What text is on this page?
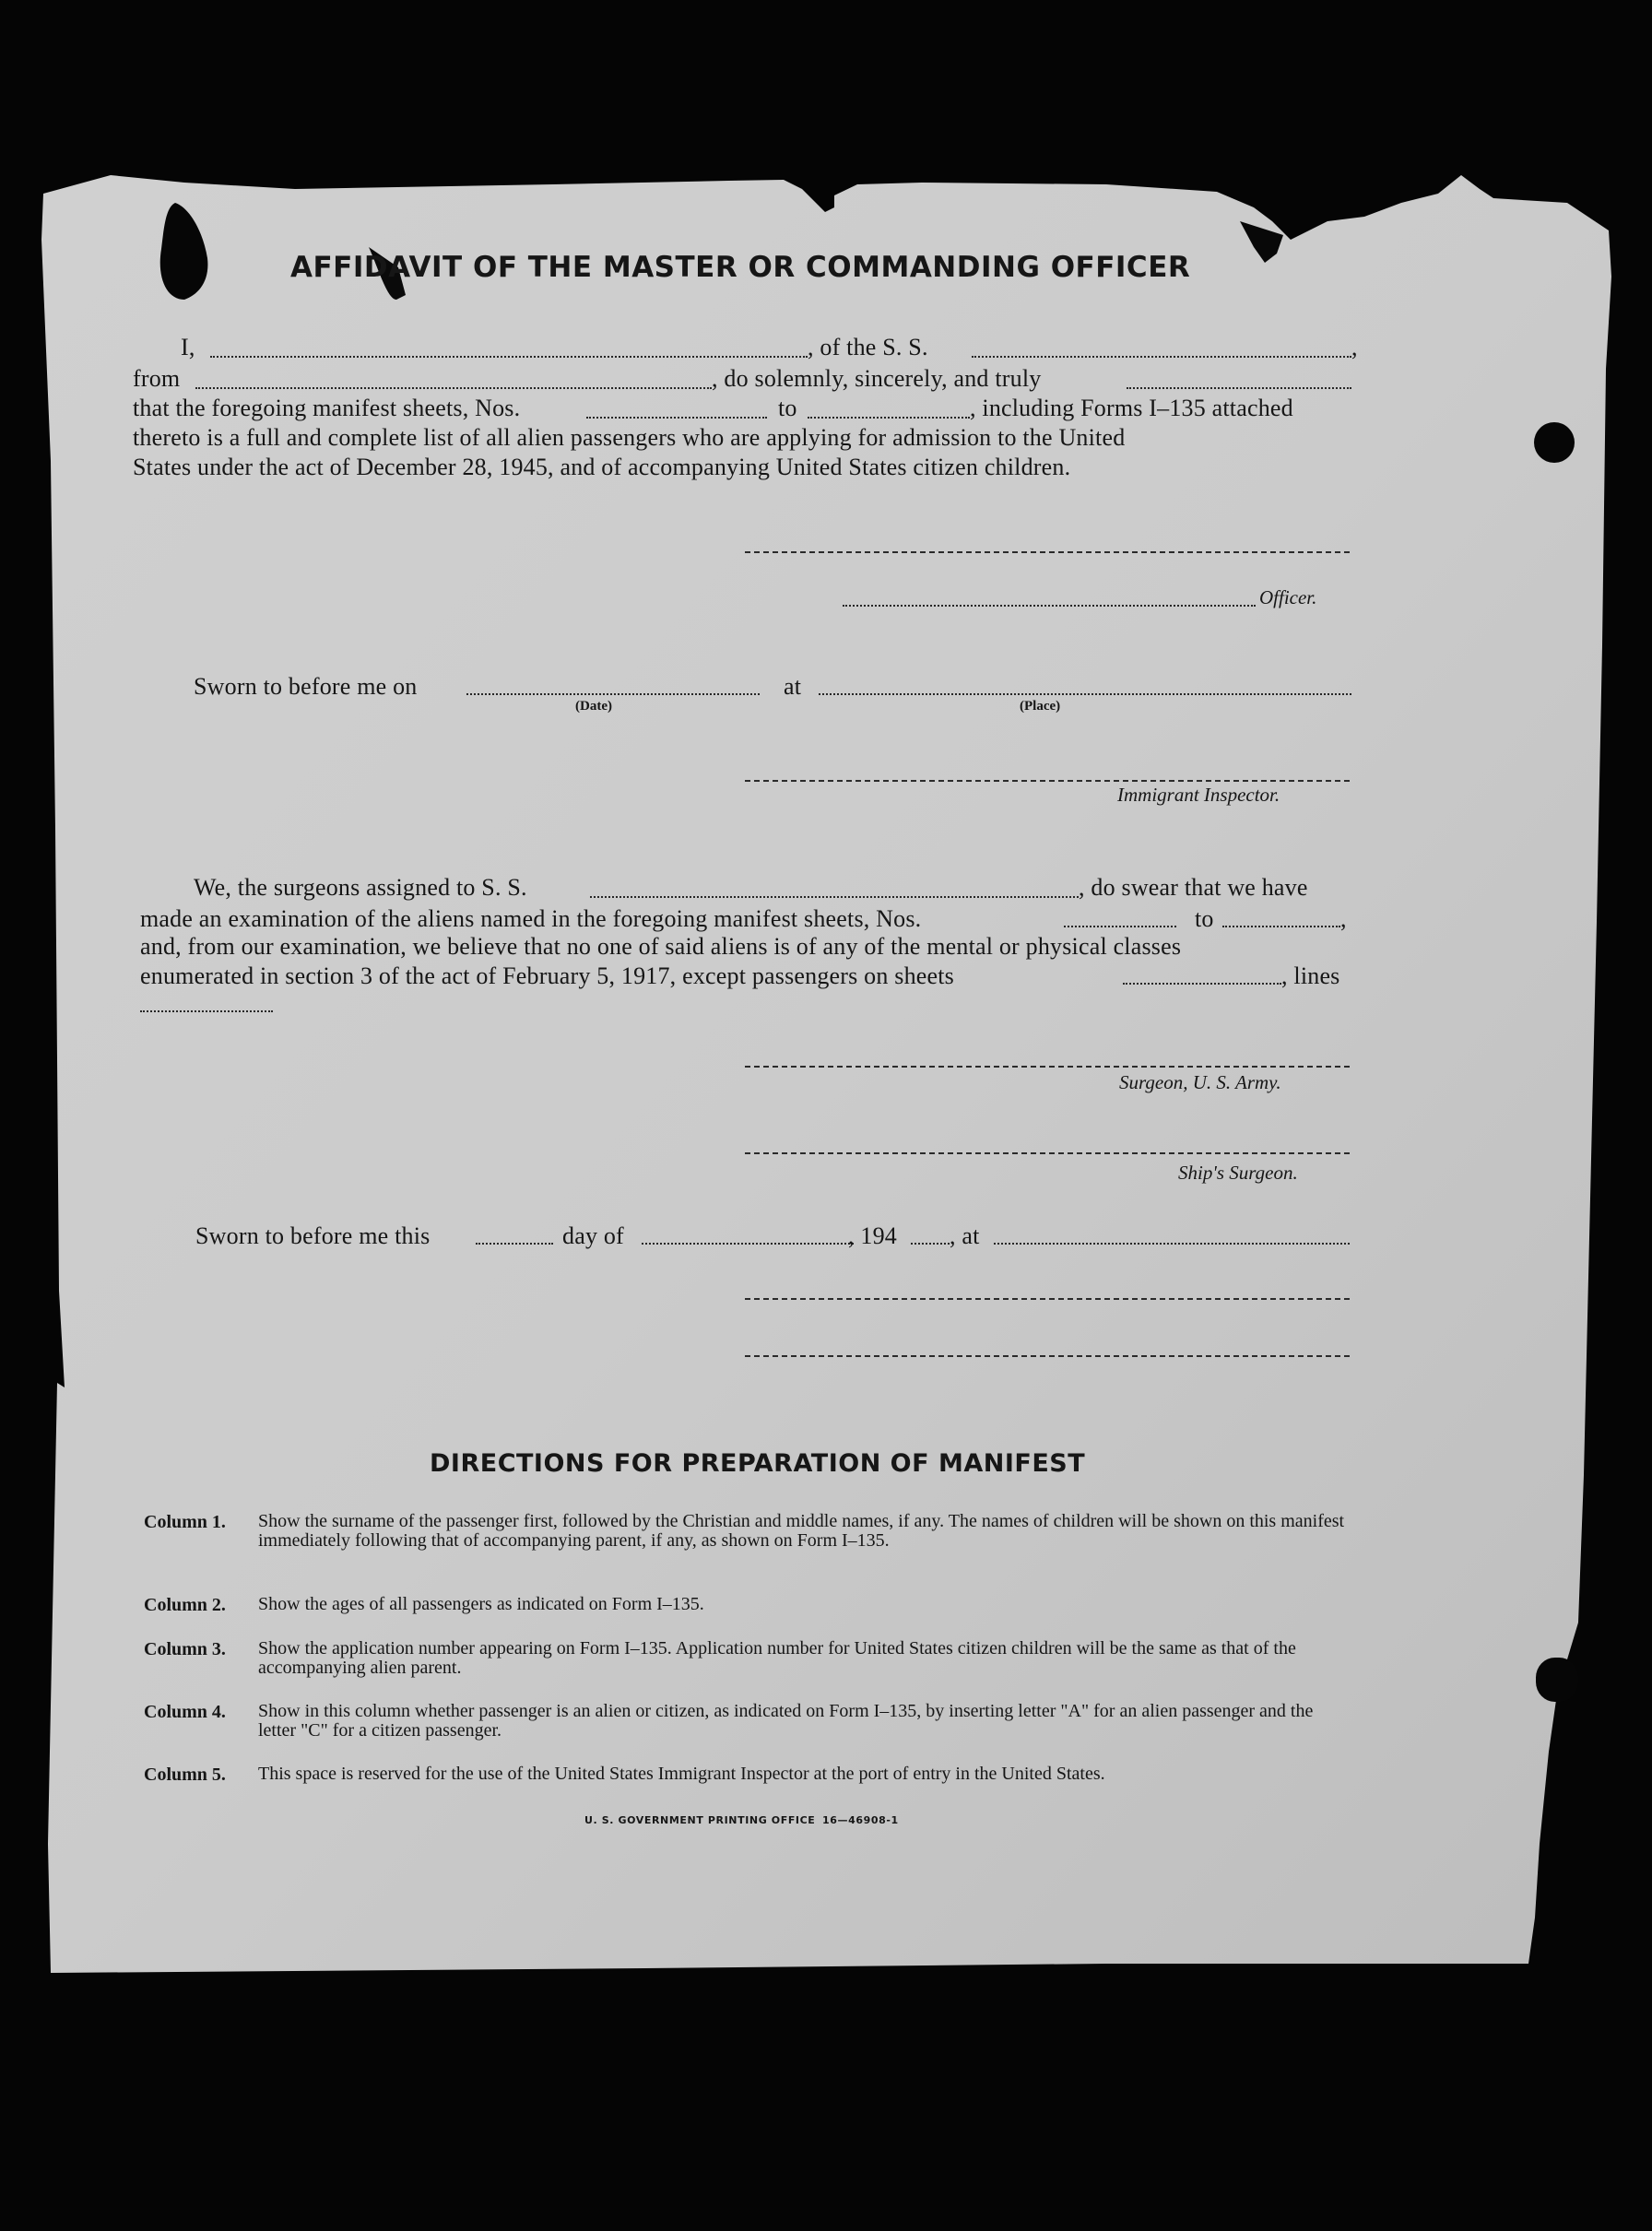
AFFIDAVIT OF THE MASTER OR COMMANDING OFFICER
I,	, of the S. S.	,
from	, do solemnly, sincerely, and truly
that the foregoing manifest sheets, Nos.	to	, including Forms I–135 attached
thereto is a full and complete list of all alien passengers who are applying for admission to the United
States under the act of December 28, 1945, and of accompanying United States citizen children.
Officer.
Sworn to before me on
(Date)
at
(Place)
Immigrant Inspector.
We, the surgeons assigned to S. S.	, do swear that we have
made an examination of the aliens named in the foregoing manifest sheets, Nos.	to	,
and, from our examination, we believe that no one of said aliens is of any of the mental or physical classes
enumerated in section 3 of the act of February 5, 1917, except passengers on sheets	, lines
Surgeon, U. S. Army.
Ship's Surgeon.
Sworn to before me this	day of	, 194 , at
DIRECTIONS FOR PREPARATION OF MANIFEST
Column 1. Show the surname of the passenger first, followed by the Christian and middle names, if any. The names of children will be shown on this manifest immediately following that of accompanying parent, if any, as shown on Form I–135.
Column 2. Show the ages of all passengers as indicated on Form I–135.
Column 3. Show the application number appearing on Form I–135. Application number for United States citizen children will be the same as that of the accompanying alien parent.
Column 4. Show in this column whether passenger is an alien or citizen, as indicated on Form I–135, by inserting letter "A" for an alien passenger and the letter "C" for a citizen passenger.
Column 5. This space is reserved for the use of the United States Immigrant Inspector at the port of entry in the United States.
U. S. GOVERNMENT PRINTING OFFICE 16—46908-1
